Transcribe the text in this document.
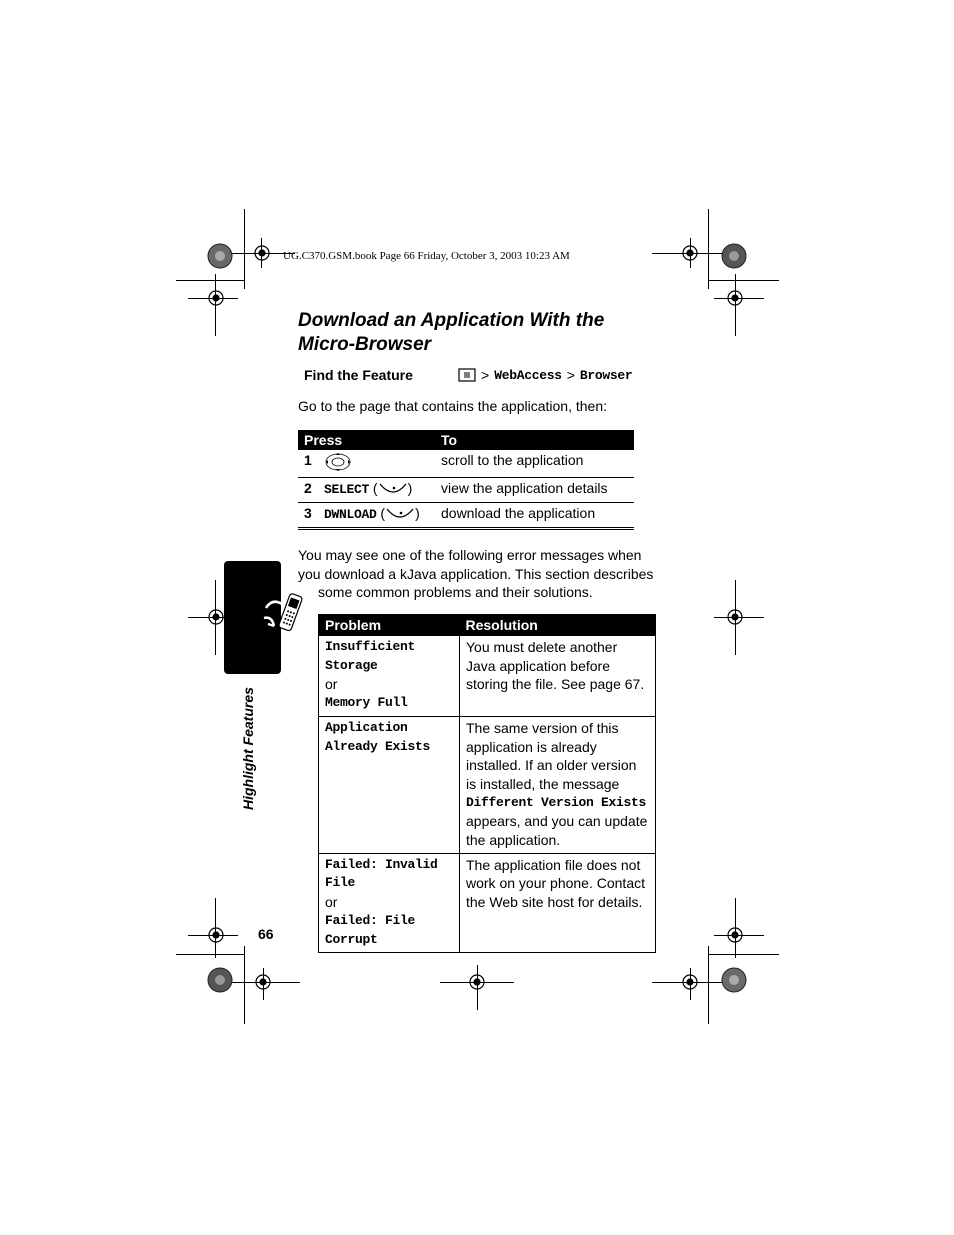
UG.C370.GSM.book Page 66 Friday, October 3, 2003 10:23 AM
Download an Application With the
Micro-Browser
Find the Feature	> WebAccess > Browser
Go to the page that contains the application, then:
Press		To
1		scroll to the application
2	SELECT ( )	view the application details
3	DWNLOAD ( )	download the application
You may see one of the following error messages when
you download a kJava application. This section describes
some common problems and their solutions.
Problem	Resolution

Insufficient Storage
or
Memory Full	You must delete another Java application before storing the file. See page 67.

Application Already Exists	The same version of this application is already installed. If an older version is installed, the message
Different Version Exists
appears, and you can update the application.

Failed: Invalid File
or
Failed: File Corrupt	The application file does not work on your phone. Contact the Web site host for details.
Highlight Features
66
